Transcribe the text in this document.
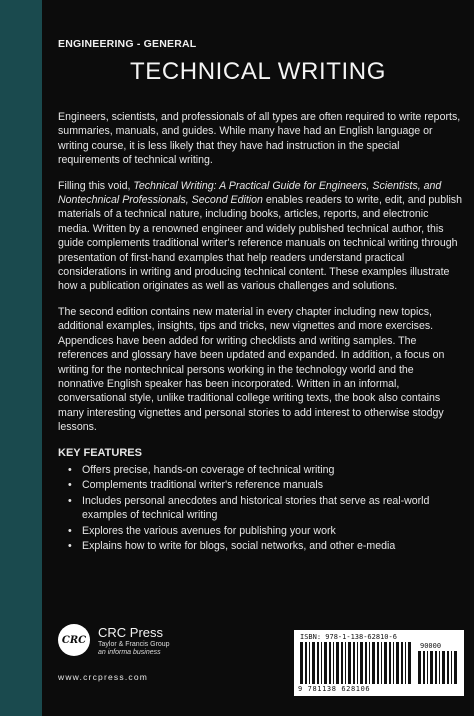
ENGINEERING - GENERAL
TECHNICAL WRITING

Engineers, scientists, and professionals of all types are often required to write reports, summaries, manuals, and guides. While many have had an English language or writing course, it is less likely that they have had instruction in the special requirements of technical writing.

Filling this void, Technical Writing: A Practical Guide for Engineers, Scientists, and Nontechnical Professionals, Second Edition enables readers to write, edit, and publish materials of a technical nature, including books, articles, reports, and electronic media. Written by a renowned engineer and widely published technical author, this guide complements traditional writer's reference manuals on technical writing through presentation of first-hand examples that help readers understand practical considerations in writing and producing technical content. These examples illustrate how a publication originates as well as various challenges and solutions.

The second edition contains new material in every chapter including new topics, additional examples, insights, tips and tricks, new vignettes and more exercises. Appendices have been added for writing checklists and writing samples. The references and glossary have been updated and expanded. In addition, a focus on writing for the nontechnical persons working in the technology world and the nonnative English speaker has been incorporated. Written in an informal, conversational style, unlike traditional college writing texts, the book also contains many interesting vignettes and personal stories to add interest to otherwise stodgy lessons.

KEY FEATURES
• Offers precise, hands-on coverage of technical writing
• Complements traditional writer's reference manuals
• Includes personal anecdotes and historical stories that serve as real-world examples of technical writing
• Explores the various avenues for publishing your work
• Explains how to write for blogs, social networks, and other e-media
CRC CRC Press
Taylor & Francis Group
an informa business
www.crcpress.com
ISBN: 978-1-138-62810-6
90000
9 781138 628106
